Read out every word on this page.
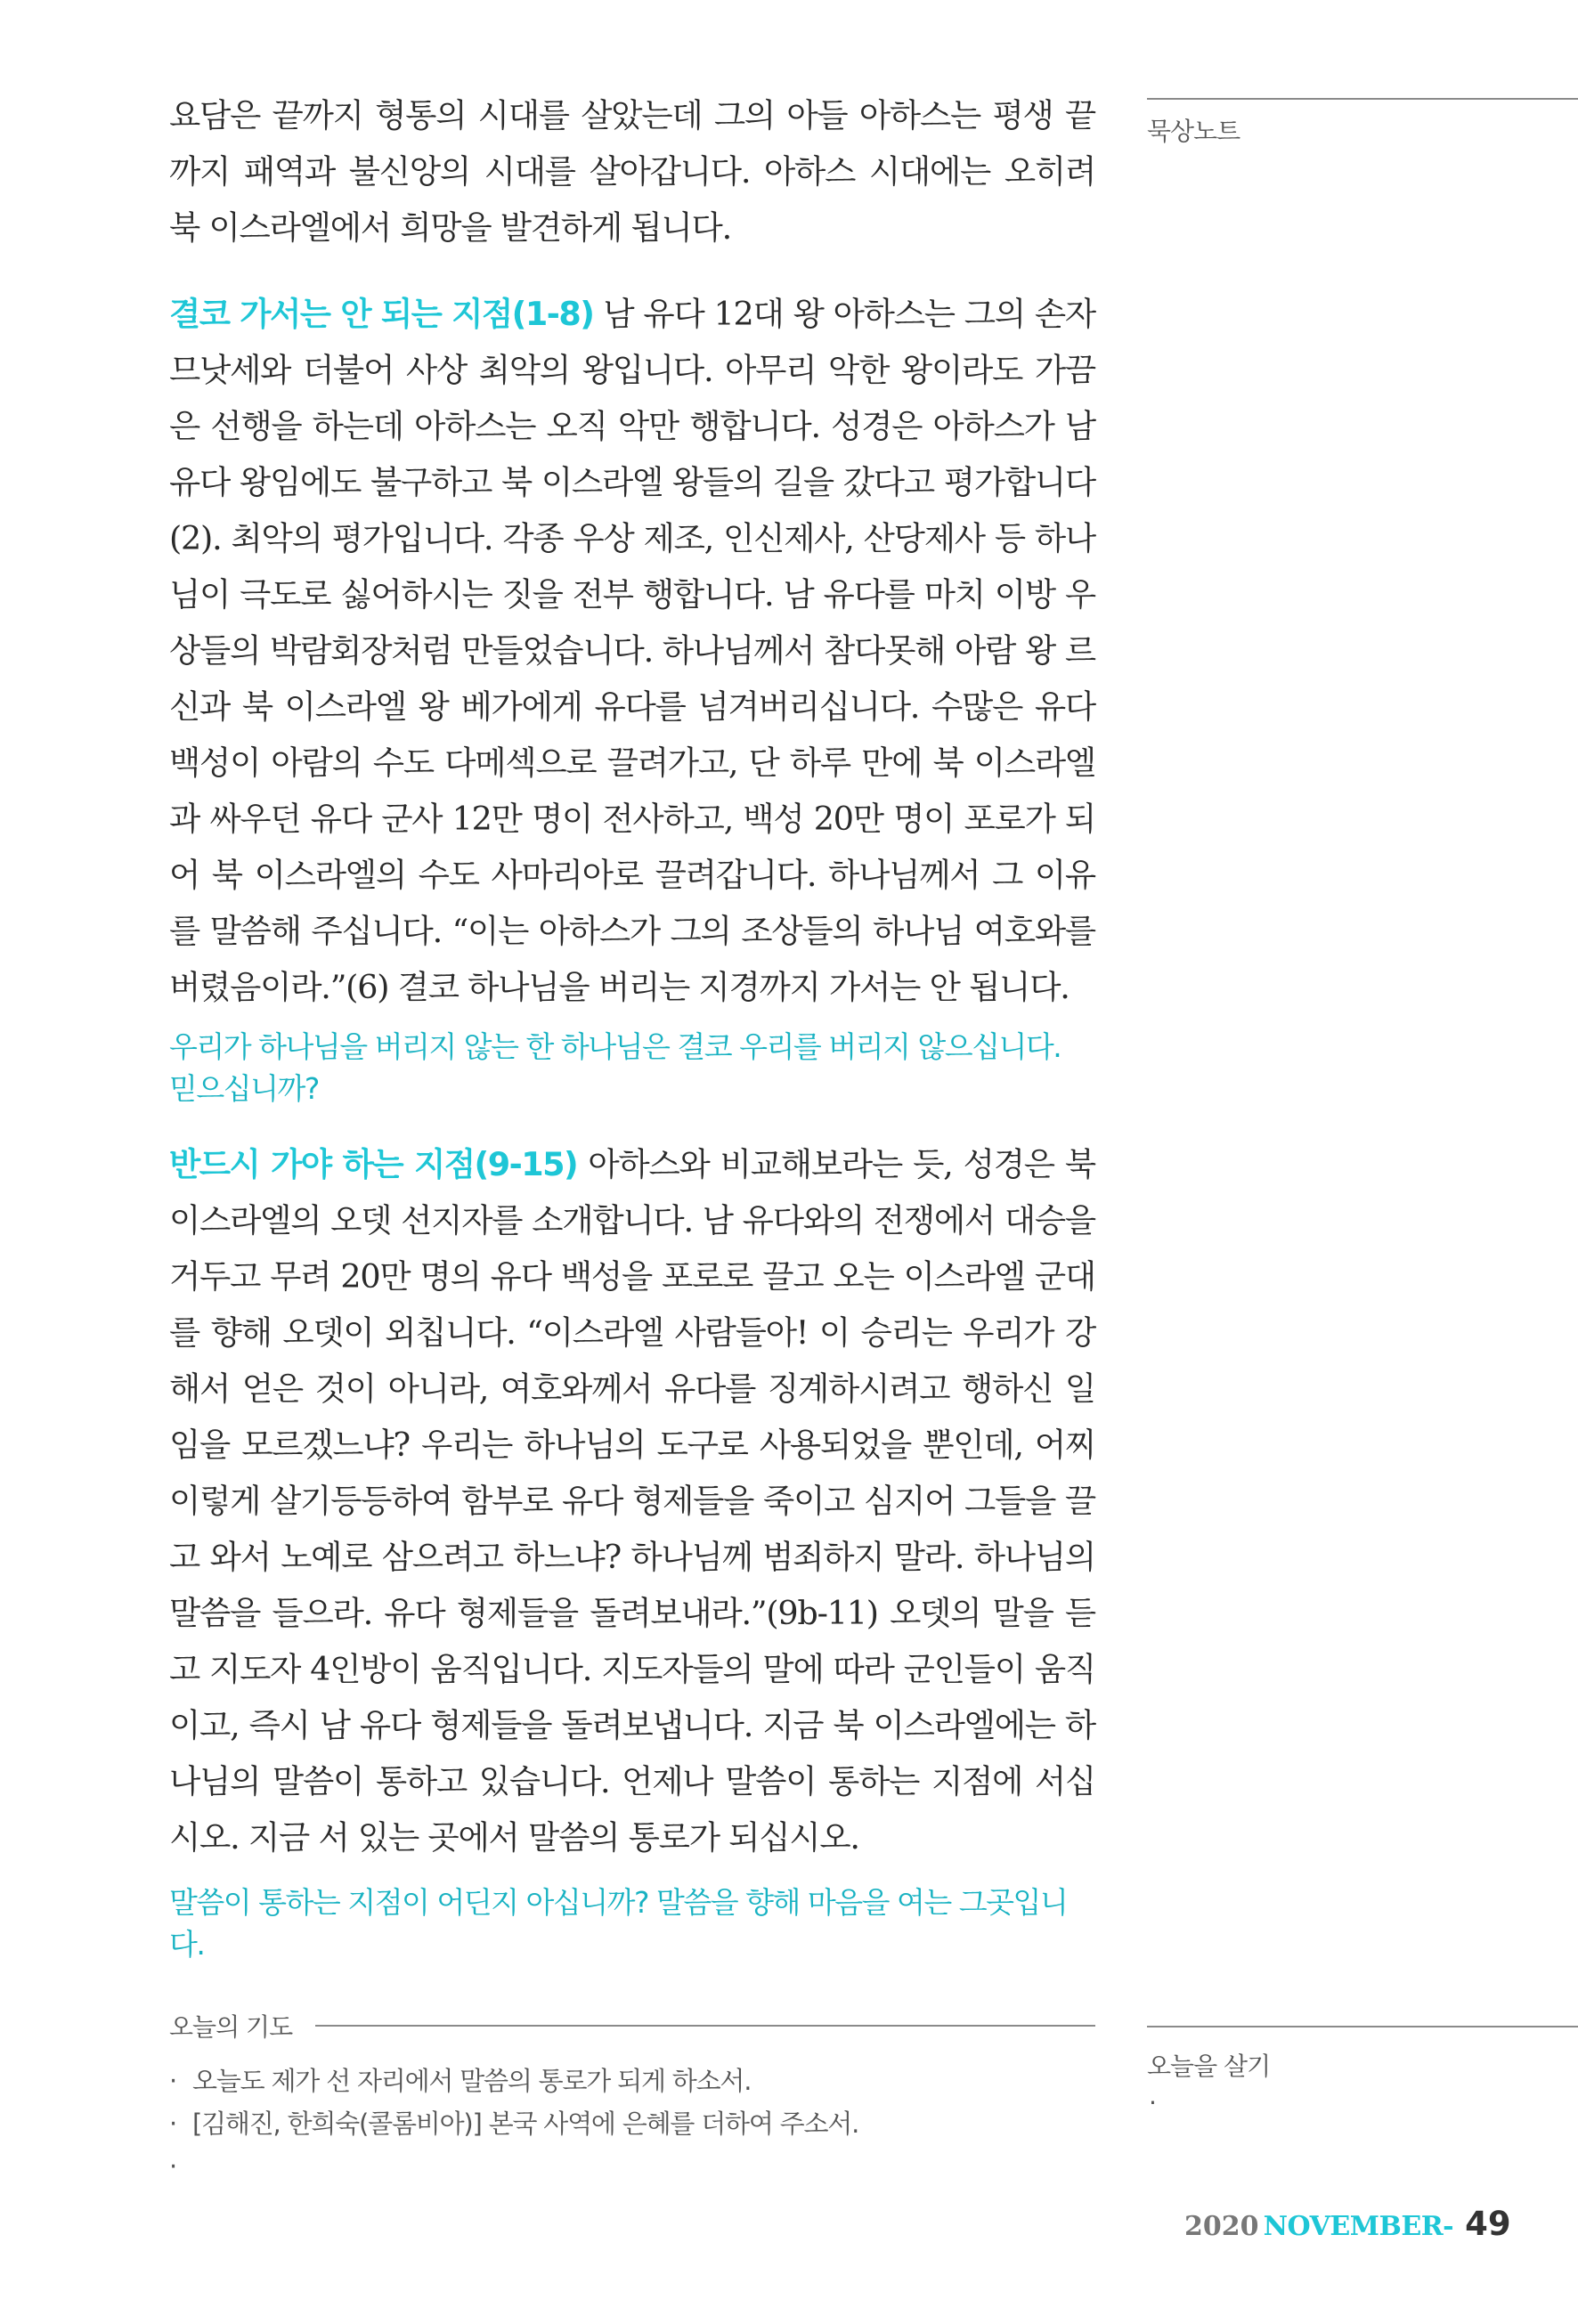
요담은 끝까지 형통의 시대를 살았는데 그의 아들 아하스는 평생 끝까지 패역과 불신앙의 시대를 살아갑니다. 아하스 시대에는 오히려 북 이스라엘에서 희망을 발견하게 됩니다.

결코 가서는 안 되는 지점(1-8) 남 유다 12대 왕 아하스는 그의 손자 므낫세와 더불어 사상 최악의 왕입니다. 아무리 악한 왕이라도 가끔은 선행을 하는데 아하스는 오직 악만 행합니다. 성경은 아하스가 남 유다 왕임에도 불구하고 북 이스라엘 왕들의 길을 갔다고 평가합니다(2). 최악의 평가입니다. 각종 우상 제조, 인신제사, 산당제사 등 하나님이 극도로 싫어하시는 짓을 전부 행합니다. 남 유다를 마치 이방 우상들의 박람회장처럼 만들었습니다. 하나님께서 참다못해 아람 왕 르신과 북 이스라엘 왕 베가에게 유다를 넘겨버리십니다. 수많은 유다 백성이 아람의 수도 다메섹으로 끌려가고, 단 하루 만에 북 이스라엘과 싸우던 유다 군사 12만 명이 전사하고, 백성 20만 명이 포로가 되어 북 이스라엘의 수도 사마리아로 끌려갑니다. 하나님께서 그 이유를 말씀해 주십니다. “이는 아하스가 그의 조상들의 하나님 여호와를 버렸음이라.”(6) 결코 하나님을 버리는 지경까지 가서는 안 됩니다.

우리가 하나님을 버리지 않는 한 하나님은 결코 우리를 버리지 않으십니다. 믿으십니까?

반드시 가야 하는 지점(9-15) 아하스와 비교해보라는 듯, 성경은 북 이스라엘의 오뎃 선지자를 소개합니다. 남 유다와의 전쟁에서 대승을 거두고 무려 20만 명의 유다 백성을 포로로 끌고 오는 이스라엘 군대를 향해 오뎃이 외칩니다. “이스라엘 사람들아! 이 승리는 우리가 강해서 얻은 것이 아니라, 여호와께서 유다를 징계하시려고 행하신 일임을 모르겠느냐? 우리는 하나님의 도구로 사용되었을 뿐인데, 어찌 이렇게 살기등등하여 함부로 유다 형제들을 죽이고 심지어 그들을 끌고 와서 노예로 삼으려고 하느냐? 하나님께 범죄하지 말라. 하나님의 말씀을 들으라. 유다 형제들을 돌려보내라.”(9b-11) 오뎃의 말을 듣고 지도자 4인방이 움직입니다. 지도자들의 말에 따라 군인들이 움직이고, 즉시 남 유다 형제들을 돌려보냅니다. 지금 북 이스라엘에는 하나님의 말씀이 통하고 있습니다. 언제나 말씀이 통하는 지점에 서십시오. 지금 서 있는 곳에서 말씀의 통로가 되십시오.

말씀이 통하는 지점이 어딘지 아십니까? 말씀을 향해 마음을 여는 그곳입니다.

묵상노트
오늘의 기도
· 오늘도 제가 선 자리에서 말씀의 통로가 되게 하소서.
· [김해진, 한희숙(콜롬비아)] 본국 사역에 은혜를 더하여 주소서.
·
오늘을 살기
·
2020 NOVEMBER- 49
